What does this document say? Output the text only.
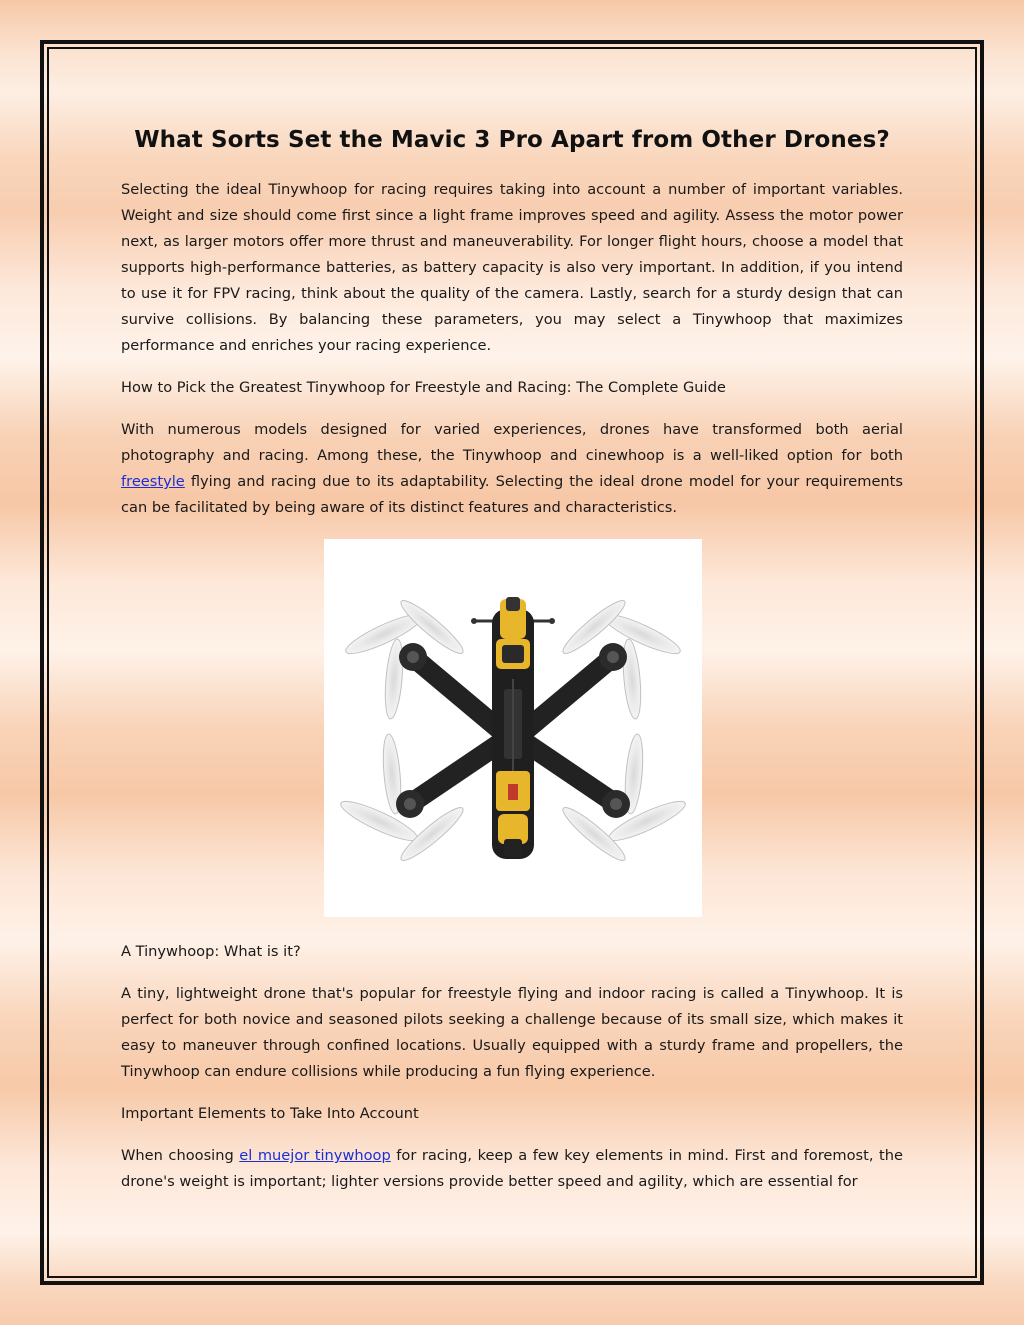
What Sorts Set the Mavic 3 Pro Apart from Other Drones?

Selecting the ideal Tinywhoop for racing requires taking into account a number of important variables. Weight and size should come first since a light frame improves speed and agility. Assess the motor power next, as larger motors offer more thrust and maneuverability. For longer flight hours, choose a model that supports high-performance batteries, as battery capacity is also very important. In addition, if you intend to use it for FPV racing, think about the quality of the camera. Lastly, search for a sturdy design that can survive collisions. By balancing these parameters, you may select a Tinywhoop that maximizes performance and enriches your racing experience.

How to Pick the Greatest Tinywhoop for Freestyle and Racing: The Complete Guide

With numerous models designed for varied experiences, drones have transformed both aerial photography and racing. Among these, the Tinywhoop and cinewhoop is a well-liked option for both freestyle flying and racing due to its adaptability. Selecting the ideal drone model for your requirements can be facilitated by being aware of its distinct features and characteristics.

A Tinywhoop: What is it?

A tiny, lightweight drone that's popular for freestyle flying and indoor racing is called a Tinywhoop. It is perfect for both novice and seasoned pilots seeking a challenge because of its small size, which makes it easy to maneuver through confined locations. Usually equipped with a sturdy frame and propellers, the Tinywhoop can endure collisions while producing a fun flying experience.

Important Elements to Take Into Account

When choosing el muejor tinywhoop for racing, keep a few key elements in mind. First and foremost, the drone's weight is important; lighter versions provide better speed and agility, which are essential for
